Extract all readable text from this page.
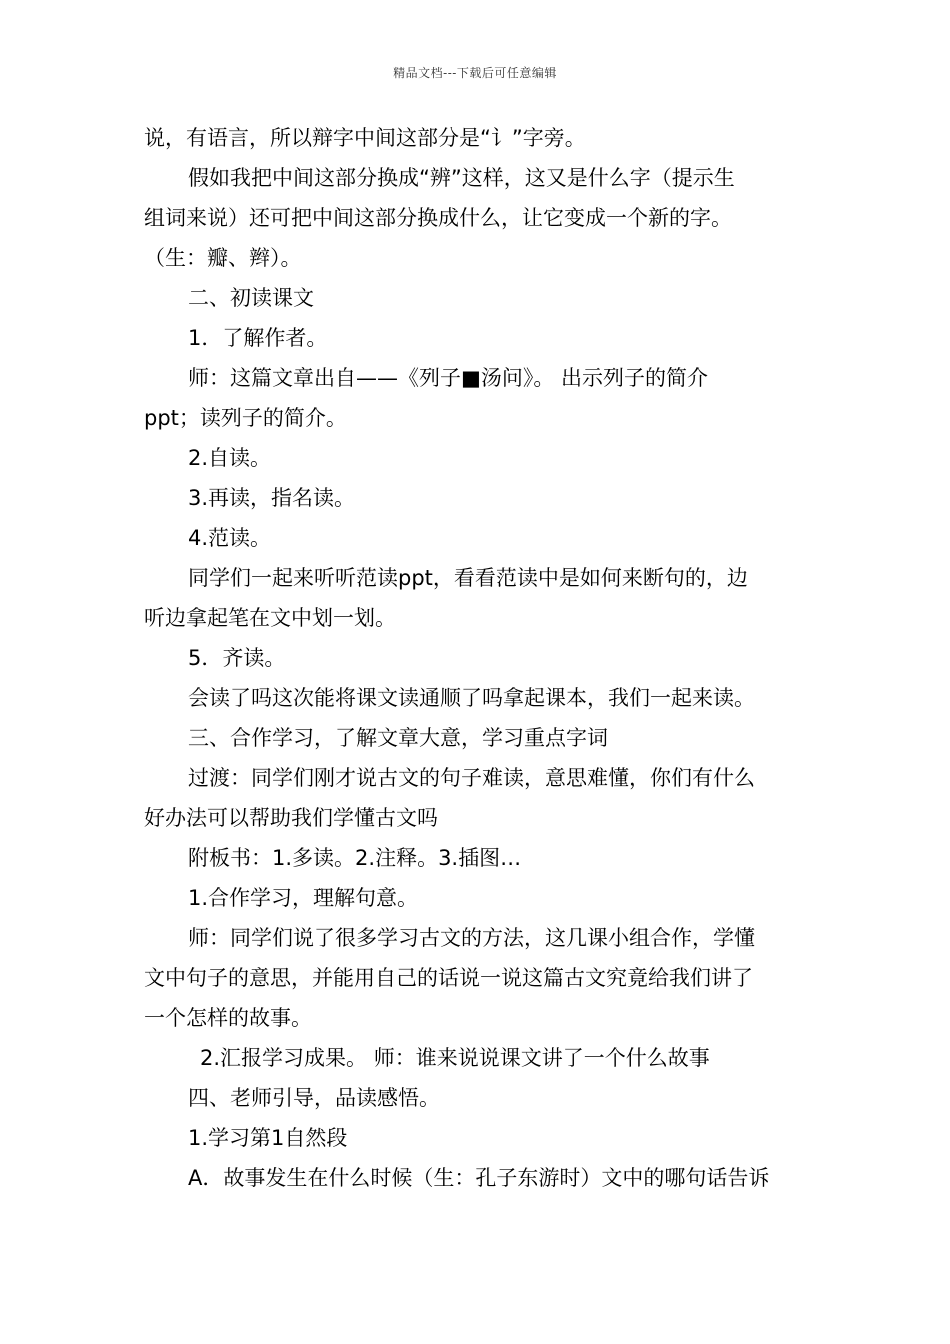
精品文档---下载后可任意编辑
说，有语言，所以辩字中间这部分是“讠”字旁。
假如我把中间这部分换成“辨”这样，这又是什么字（提示生
组词来说）还可把中间这部分换成什么，让它变成一个新的字。
（生：瓣、辫）。
二、初读课文
1．了解作者。
师：这篇文章出自——《列子■汤问》。 出示列子的简介
ppt；读列子的简介。
2.自读。
3.再读，指名读。
4.范读。
同学们一起来听听范读ppt，看看范读中是如何来断句的，边
听边拿起笔在文中划一划。
5．齐读。
会读了吗这次能将课文读通顺了吗拿起课本，我们一起来读。
三、合作学习，了解文章大意，学习重点字词
过渡：同学们刚才说古文的句子难读，意思难懂，你们有什么
好办法可以帮助我们学懂古文吗
附板书：1.多读。2.注释。3.插图…
1.合作学习，理解句意。
师：同学们说了很多学习古文的方法，这几课小组合作，学懂
文中句子的意思，并能用自己的话说一说这篇古文究竟给我们讲了
一个怎样的故事。
2.汇报学习成果。 师：谁来说说课文讲了一个什么故事
四、老师引导，品读感悟。
1.学习第1自然段
A．故事发生在什么时候（生：孔子东游时）文中的哪句话告诉
